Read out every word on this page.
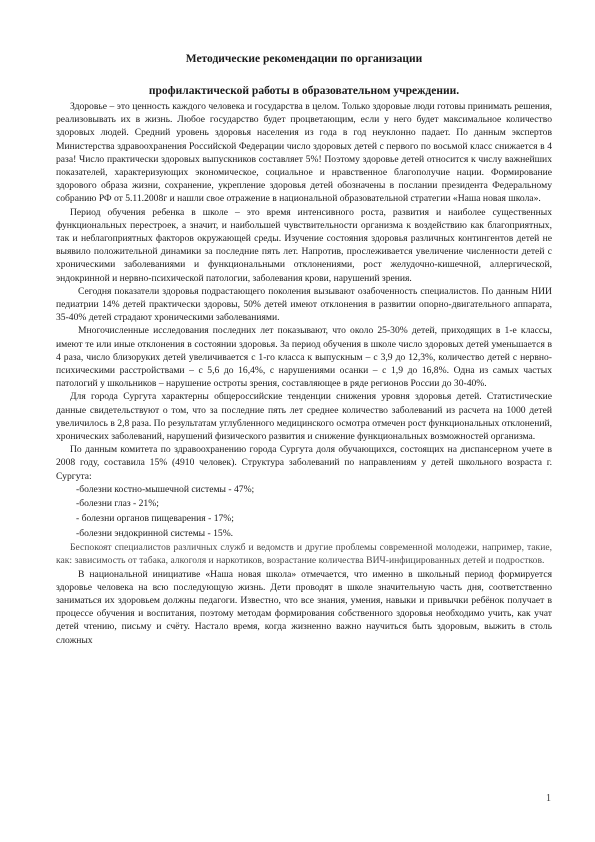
Методические рекомендации по организации
профилактической работы в образовательном учреждении.

Здоровье – это ценность каждого человека и государства в целом. Только здоровые люди готовы принимать решения, реализовывать их в жизнь. Любое государство будет процветающим, если у него будет максимальное количество здоровых людей. Средний уровень здоровья населения из года в год неуклонно падает. По данным экспертов Министерства здравоохранения Российской Федерации число здоровых детей с первого по восьмой класс снижается в 4 раза! Число практически здоровых выпускников составляет 5%! Поэтому здоровье детей относится к числу важнейших показателей, характеризующих экономическое, социальное и нравственное благополучие нации. Формирование здорового образа жизни, сохранение, укрепление здоровья детей обозначены в послании президента Федеральному собранию РФ от 5.11.2008г и нашли свое отражение в национальной образовательной стратегии «Наша новая школа».

Период обучения ребенка в школе – это время интенсивного роста, развития и наиболее существенных функциональных перестроек, а значит, и наибольшей чувствительности организма к воздействию как благоприятных, так и неблагоприятных факторов окружающей среды. Изучение состояния здоровья различных контингентов детей не выявило положительной динамики за последние пять лет. Напротив, прослеживается увеличение численности детей с хроническими заболеваниями и функциональными отклонениями, рост желудочно-кишечной, аллергической, эндокринной и нервно-психической патологии, заболевания крови, нарушений зрения.

Сегодня показатели здоровья подрастающего поколения вызывают озабоченность специалистов. По данным НИИ педиатрии 14% детей практически здоровы, 50% детей имеют отклонения в развитии опорно-двигательного аппарата, 35-40% детей страдают хроническими заболеваниями.

Многочисленные исследования последних лет показывают, что около 25-30% детей, приходящих в 1-е классы, имеют те или иные отклонения в состоянии здоровья. За период обучения в школе число здоровых детей уменьшается в 4 раза, число близоруких детей увеличивается с 1-го класса к выпускным – с 3,9 до 12,3%, количество детей с нервно-психическими расстройствами – с 5,6 до 16,4%, с нарушениями осанки – с 1,9 до 16,8%. Одна из самых частых патологий у школьников – нарушение остроты зрения, составляющее в ряде регионов России до 30-40%.

Для города Сургута характерны общероссийские тенденции снижения уровня здоровья детей. Статистические данные свидетельствуют о том, что за последние пять лет среднее количество заболеваний из расчета на 1000 детей увеличилось в 2,8 раза. По результатам углубленного медицинского осмотра отмечен рост функциональных отклонений, хронических заболеваний, нарушений физического развития и снижение функциональных возможностей организма.

По данным комитета по здравоохранению города Сургута доля обучающихся, состоящих на диспансерном учете в 2008 году, составила 15% (4910 человек). Структура заболеваний по направлениям у детей школьного возраста г. Сургута:

-болезни костно-мышечной системы - 47%;
-болезни глаз - 21%;
- болезни органов пищеварения - 17%;
-болезни эндокринной системы - 15%.

Беспокоят специалистов различных служб и ведомств и другие проблемы современной молодежи, например, такие, как: зависимость от табака, алкоголя и наркотиков, возрастание количества ВИЧ-инфицированных детей и подростков.

В национальной инициативе «Наша новая школа» отмечается, что именно в школьный период формируется здоровье человека на всю последующую жизнь. Дети проводят в школе значительную часть дня, соответственно заниматься их здоровьем должны педагоги. Известно, что все знания, умения, навыки и привычки ребёнок получает в процессе обучения и воспитания, поэтому методам формирования собственного здоровья необходимо учить, как учат детей чтению, письму и счёту. Настало время, когда жизненно важно научиться быть здоровым, выжить в столь сложных

1
